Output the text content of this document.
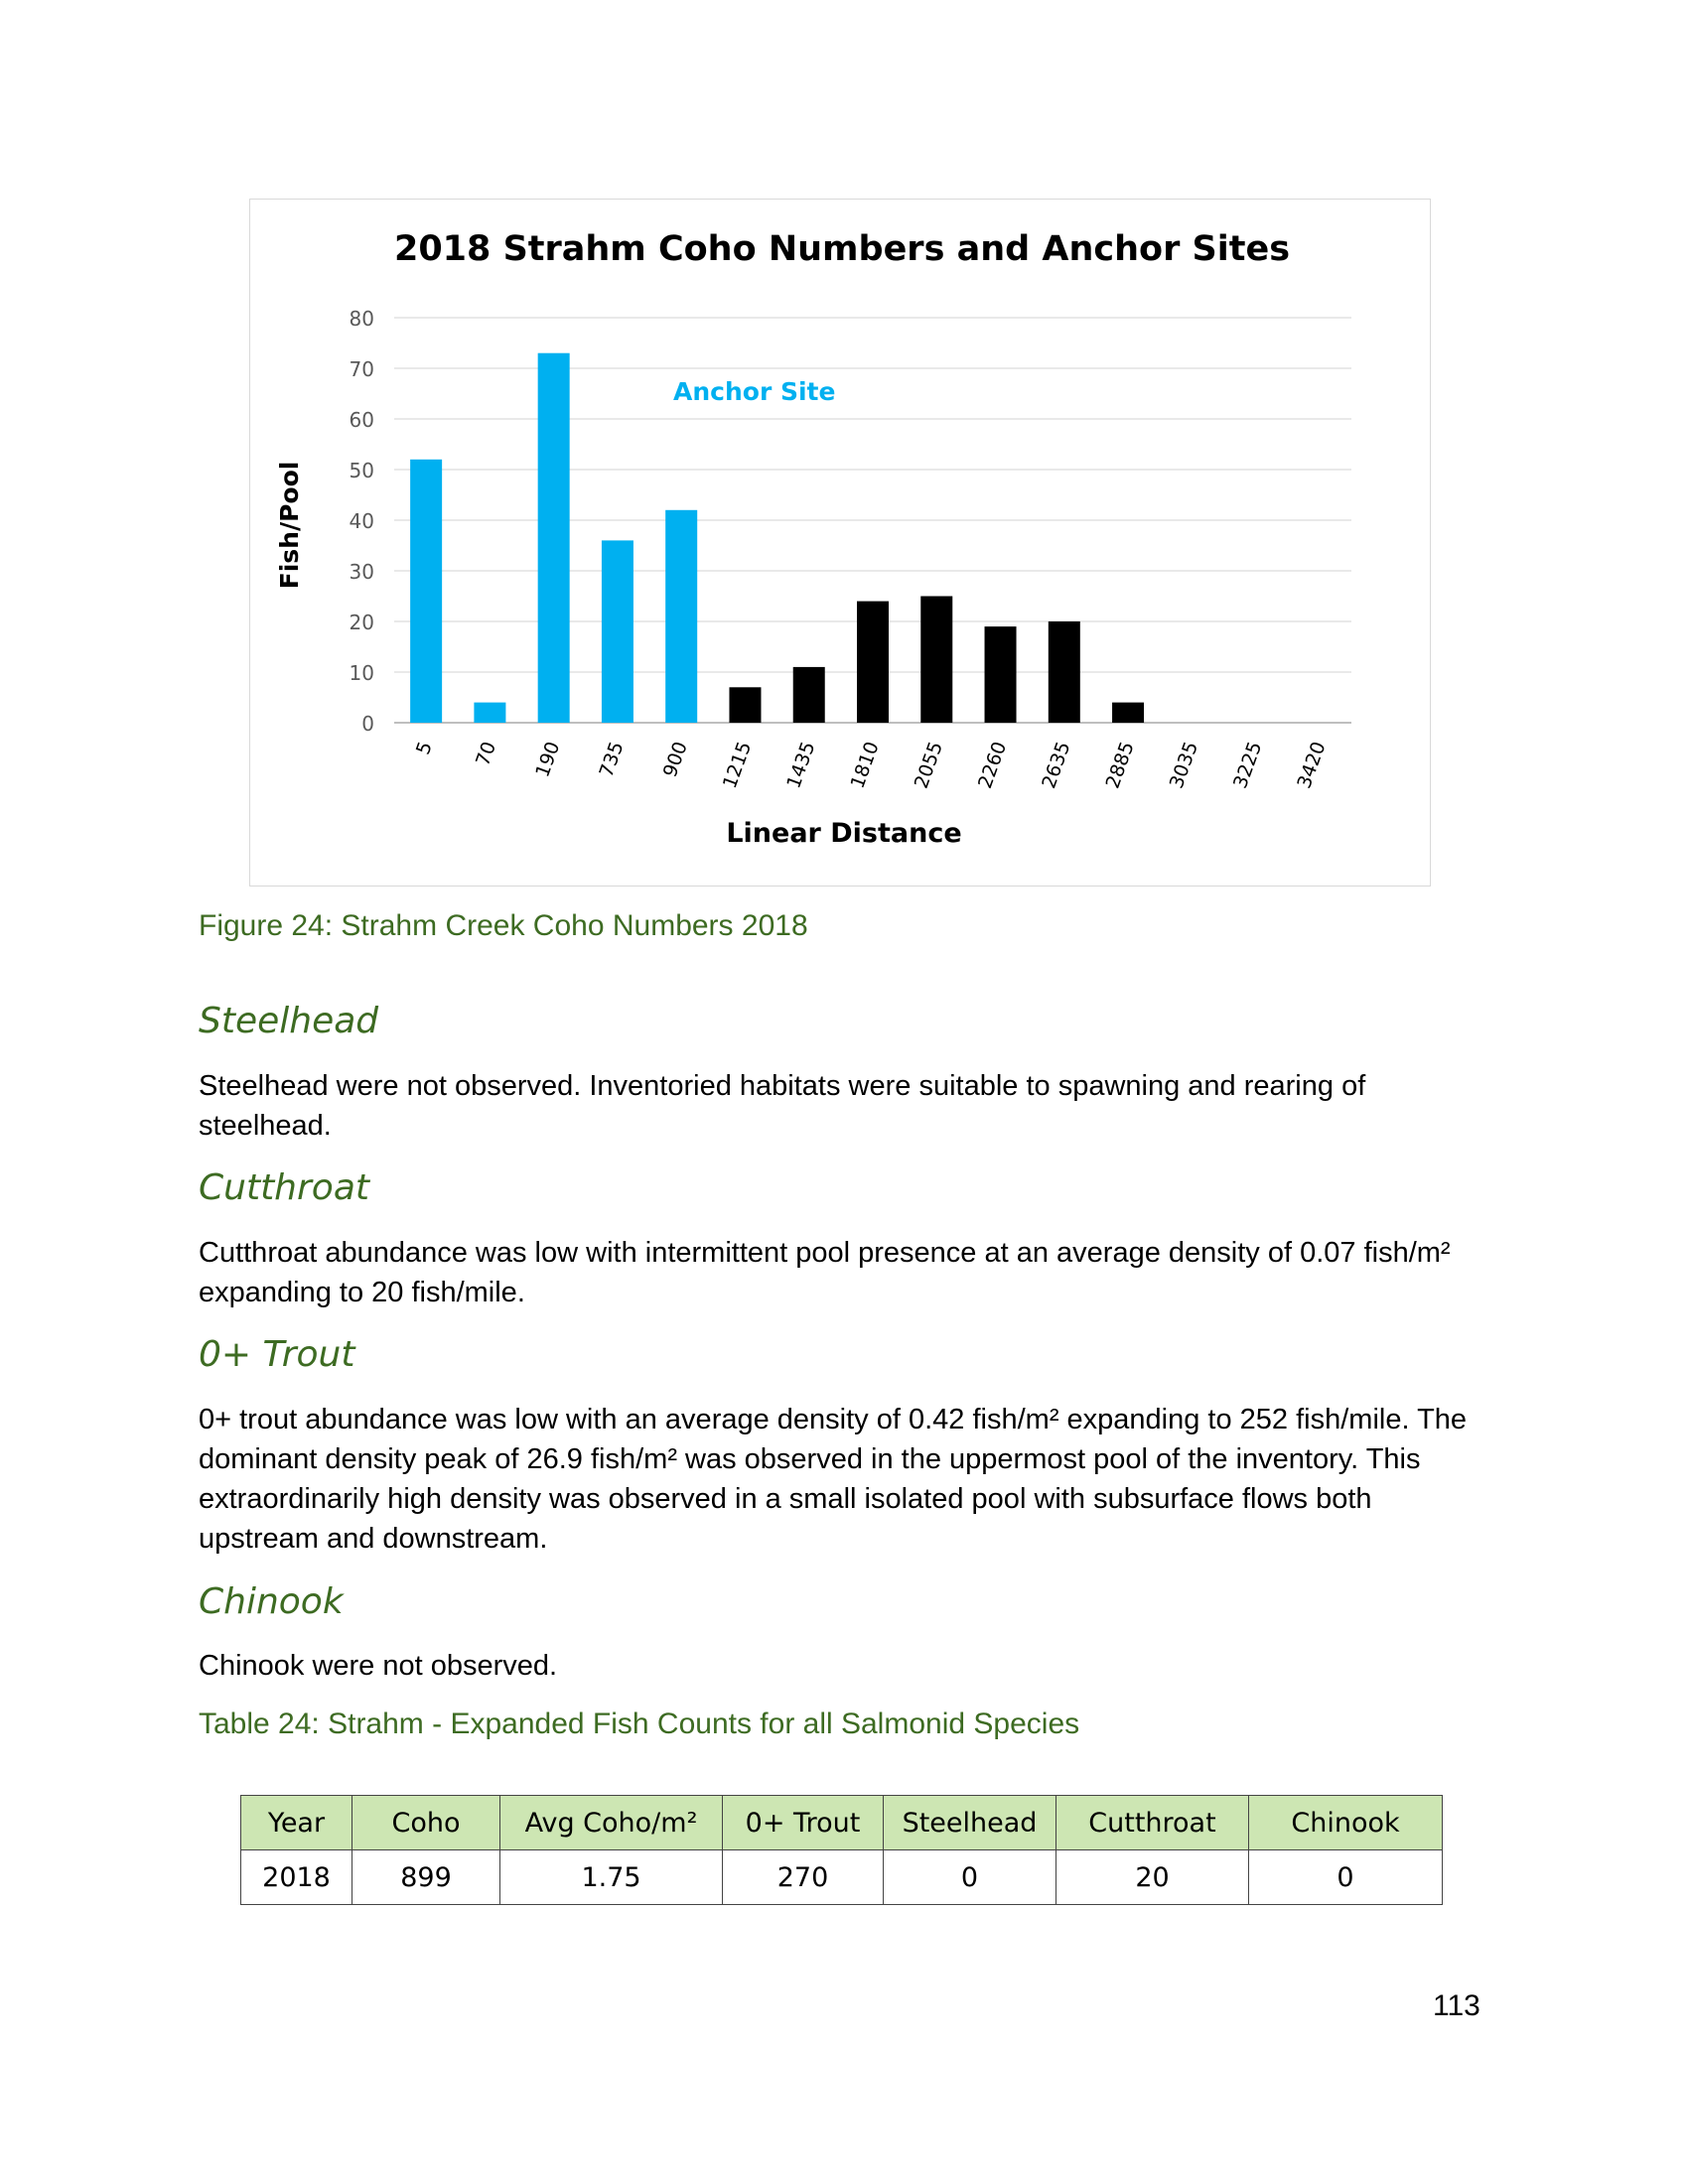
2018 Strahm Coho Numbers and Anchor Sites
Anchor Site
Fish/Pool
Linear Distance
0
10
20
30
40
50
60
70
80
5 70 190 735 900 1215 1435 1810 2055 2260 2635 2885 3035 3225 3420
Figure 24: Strahm Creek Coho Numbers 2018
Steelhead

Steelhead were not observed. Inventoried habitats were suitable to spawning and rearing of steelhead.

Cutthroat

Cutthroat abundance was low with intermittent pool presence at an average density of 0.07 fish/m² expanding to 20 fish/mile.

0+ Trout

0+ trout abundance was low with an average density of 0.42 fish/m² expanding to 252 fish/mile. The dominant density peak of 26.9 fish/m² was observed in the uppermost pool of the inventory. This extraordinarily high density was observed in a small isolated pool with subsurface flows both upstream and downstream.

Chinook

Chinook were not observed.

Table 24: Strahm - Expanded Fish Counts for all Salmonid Species
Year	Coho	Avg Coho/m²	0+ Trout	Steelhead	Cutthroat	Chinook
2018	899	1.75	270	0	20	0
113
